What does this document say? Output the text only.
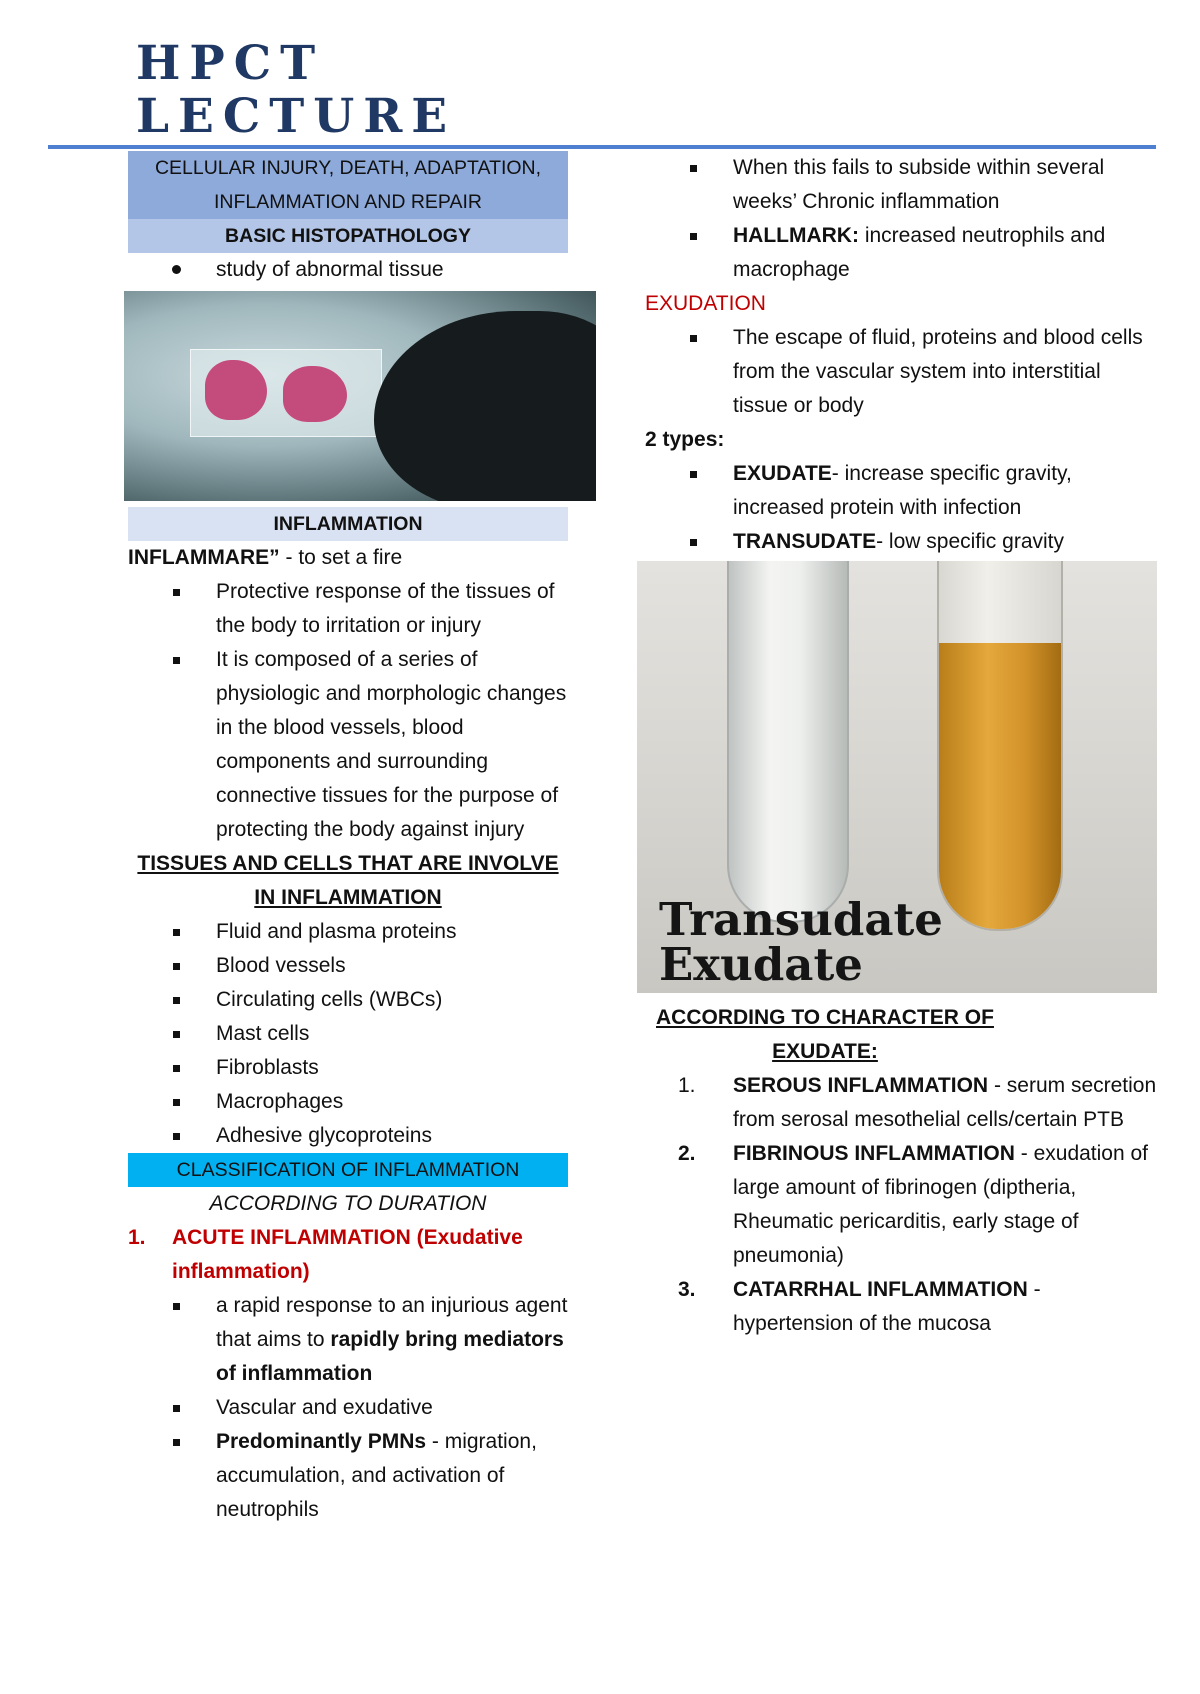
HPCT
LECTURE
CELLULAR INJURY, DEATH, ADAPTATION, INFLAMMATION AND REPAIR
BASIC HISTOPATHOLOGY
study of abnormal tissue
INFLAMMATION
INFLAMMARE” - to set a fire
Protective response of the tissues of the body to irritation or injury
It is composed of a series of physiologic and morphologic changes in the blood vessels, blood components and surrounding connective tissues for the purpose of protecting the body against injury
TISSUES AND CELLS THAT ARE INVOLVE IN INFLAMMATION
Fluid and plasma proteins
Blood vessels
Circulating cells (WBCs)
Mast cells
Fibroblasts
Macrophages
Adhesive glycoproteins
CLASSIFICATION OF INFLAMMATION
ACCORDING TO DURATION
1. ACUTE INFLAMMATION (Exudative inflammation)
a rapid response to an injurious agent that aims to rapidly bring mediators of inflammation
Vascular and exudative
Predominantly PMNs - migration, accumulation, and activation of neutrophils
When this fails to subside within several weeks’ Chronic inflammation
HALLMARK: increased neutrophils and macrophage
EXUDATION
The escape of fluid, proteins and blood cells from the vascular system into interstitial tissue or body
2 types:
EXUDATE- increase specific gravity, increased protein with infection
TRANSUDATE- low specific gravity
Transudate Exudate
ACCORDING TO CHARACTER OF EXUDATE:
1. SEROUS INFLAMMATION - serum secretion from serosal mesothelial cells/certain PTB
2. FIBRINOUS INFLAMMATION - exudation of large amount of fibrinogen (diptheria, Rheumatic pericarditis, early stage of pneumonia)
3. CATARRHAL INFLAMMATION - hypertension of the mucosa
